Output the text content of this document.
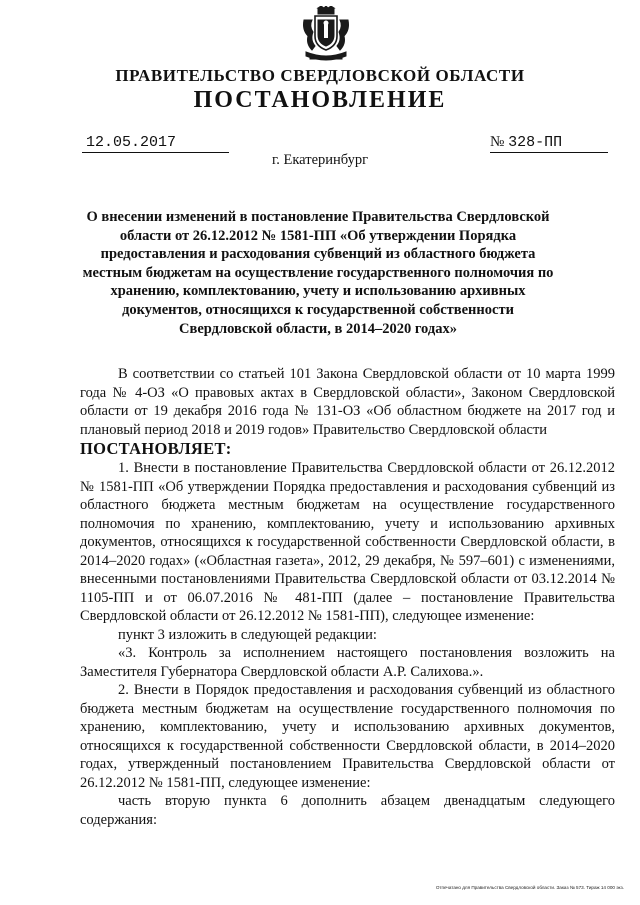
ПРАВИТЕЛЬСТВО СВЕРДЛОВСКОЙ ОБЛАСТИ
ПОСТАНОВЛЕНИЕ
12.05.2017	№ 328-ПП
г. Екатеринбург
О внесении изменений в постановление Правительства Свердловской области от 26.12.2012 № 1581-ПП «Об утверждении Порядка предоставления и расходования субвенций из областного бюджета местным бюджетам на осуществление государственного полномочия по хранению, комплектованию, учету и использованию архивных документов, относящихся к государственной собственности Свердловской области, в 2014–2020 годах»

В соответствии со статьей 101 Закона Свердловской области от 10 марта 1999 года № 4-ОЗ «О правовых актах в Свердловской области», Законом Свердловской области от 19 декабря 2016 года № 131-ОЗ «Об областном бюджете на 2017 год и плановый период 2018 и 2019 годов» Правительство Свердловской области

ПОСТАНОВЛЯЕТ:

1. Внести в постановление Правительства Свердловской области от 26.12.2012 № 1581-ПП «Об утверждении Порядка предоставления и расходования субвенций из областного бюджета местным бюджетам на осуществление государственного полномочия по хранению, комплектованию, учету и использованию архивных документов, относящихся к государственной собственности Свердловской области, в 2014–2020 годах» («Областная газета», 2012, 29 декабря, № 597–601) с изменениями, внесенными постановлениями Правительства Свердловской области от 03.12.2014 № 1105-ПП и от 06.07.2016 № 481-ПП (далее – постановление Правительства Свердловской области от 26.12.2012 № 1581-ПП), следующее изменение:

пункт 3 изложить в следующей редакции:

«3. Контроль за исполнением настоящего постановления возложить на Заместителя Губернатора Свердловской области А.Р. Салихова.».

2. Внести в Порядок предоставления и расходования субвенций из областного бюджета местным бюджетам на осуществление государственного полномочия по хранению, комплектованию, учету и использованию архивных документов, относящихся к государственной собственности Свердловской области, в 2014–2020 годах, утвержденный постановлением Правительства Свердловской области от 26.12.2012 № 1581-ПП, следующее изменение:

часть вторую пункта 6 дополнить абзацем двенадцатым следующего содержания:

Отпечатано для Правительства Свердловской области. Заказ № 573. Тираж 14 000 экз.
